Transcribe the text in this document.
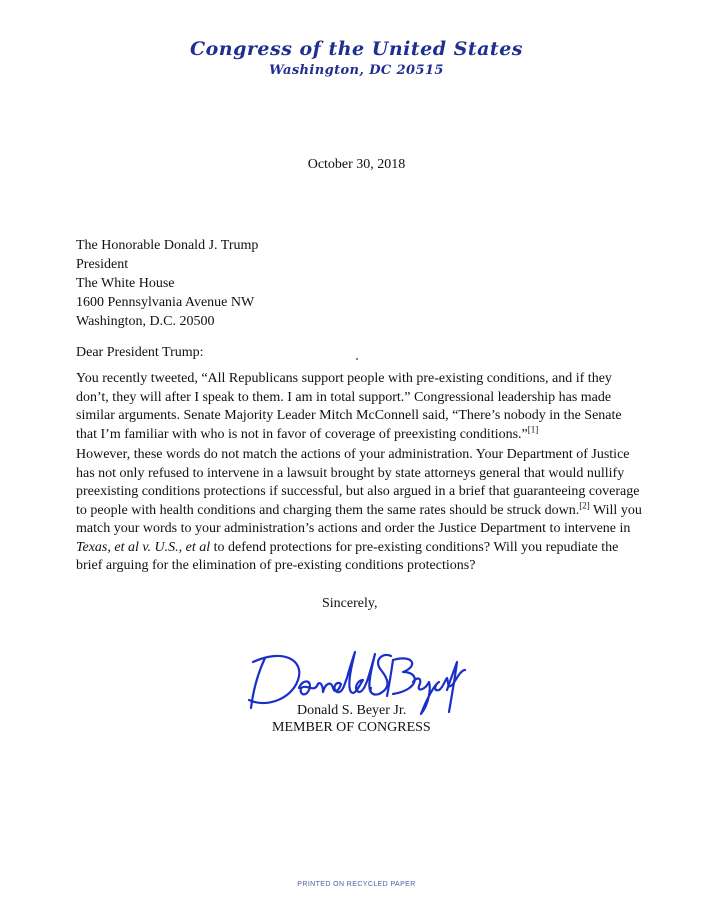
Congress of the United States
Washington, DC 20515
October 30, 2018
The Honorable Donald J. Trump
President
The White House
1600 Pennsylvania Avenue NW
Washington, D.C. 20500
Dear President Trump:
You recently tweeted, “All Republicans support people with pre-existing conditions, and if they don’t, they will after I speak to them. I am in total support.” Congressional leadership has made similar arguments. Senate Majority Leader Mitch McConnell said, “There’s nobody in the Senate that I’m familiar with who is not in favor of coverage of preexisting conditions.”[1]
However, these words do not match the actions of your administration. Your Department of Justice has not only refused to intervene in a lawsuit brought by state attorneys general that would nullify preexisting conditions protections if successful, but also argued in a brief that guaranteeing coverage to people with health conditions and charging them the same rates should be struck down.[2] Will you match your words to your administration’s actions and order the Justice Department to intervene in Texas, et al v. U.S., et al to defend protections for pre-existing conditions? Will you repudiate the brief arguing for the elimination of pre-existing conditions protections?
Sincerely,
Donald S. Beyer Jr.
MEMBER OF CONGRESS
PRINTED ON RECYCLED PAPER
